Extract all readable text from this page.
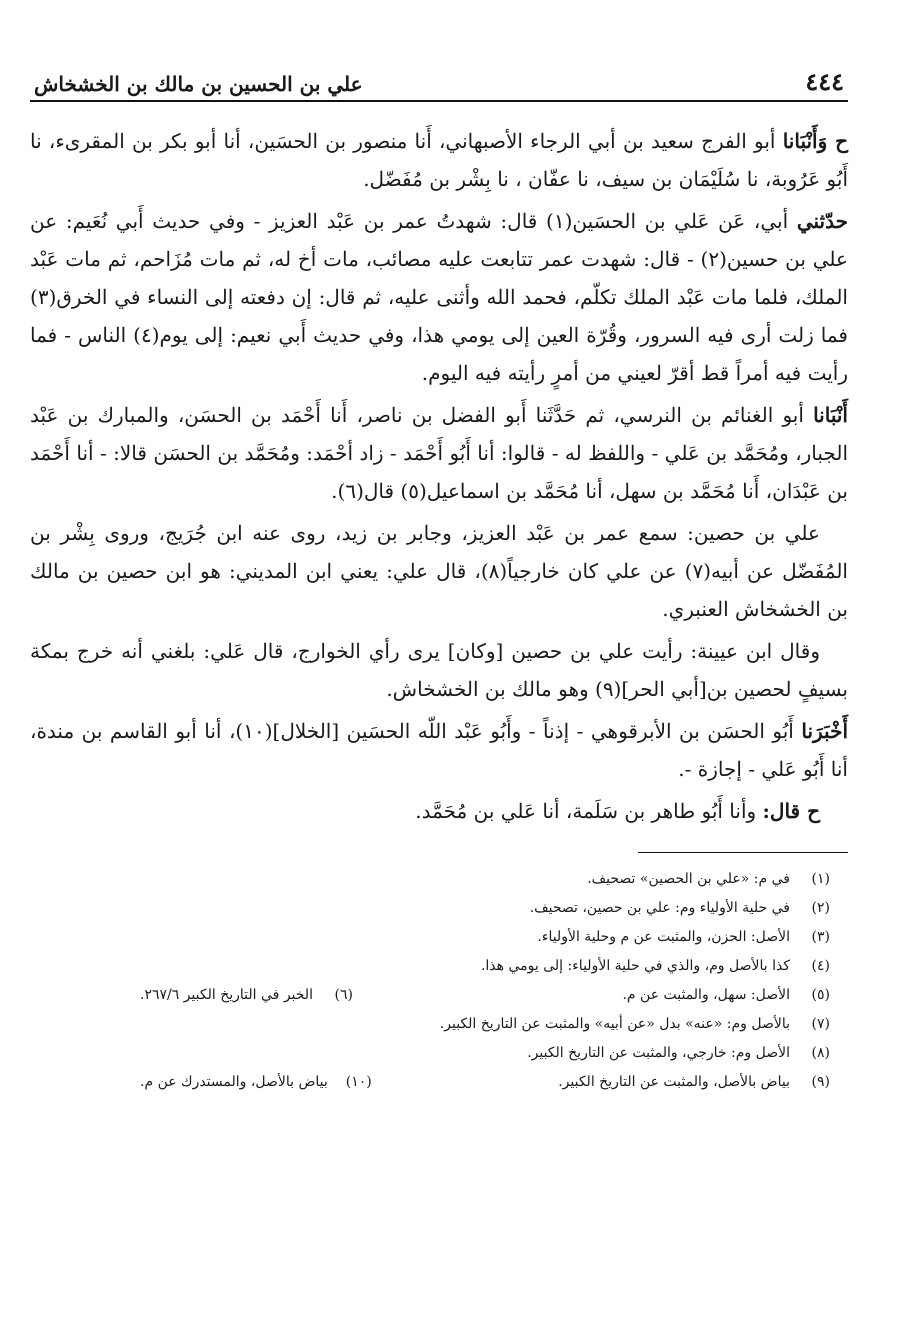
٤٤٤
علي بن الحسين بن مالك بن الخشخاش

ح وَأَنْبَانا أبو الفرج سعيد بن أبي الرجاء الأصبهاني، أَنا منصور بن الحسَين، أنا أبو بكر بن المقرىء، نا أَبُو عَرُوبة، نا سُلَيْمَان بن سيف، نا عفّان ، نا بِشْر بن مُفَضّل.

حدّثني أبي، عَن عَلي بن الحسَين(١) قال: شهدتُ عمر بن عَبْد العزيز - وفي حديث أَبي نُعَيم: عن علي بن حسين(٢) - قال: شهدت عمر تتابعت عليه مصائب، مات أخ له، ثم مات مُزَاحم، ثم مات عَبْد الملك، فلما مات عَبْد الملك تكلّم، فحمد الله وأثنى عليه، ثم قال: إن دفعته إلى النساء في الخرق(٣) فما زلت أرى فيه السرور، وقُرّة العين إلى يومي هذا، وفي حديث أَبي نعيم: إلى يوم(٤) الناس - فما رأيت فيه أمراً قط أقرّ لعيني من أمرٍ رأيته فيه اليوم.

أَنْبَانا أبو الغنائم بن النرسي، ثم حَدَّثَنا أَبو الفضل بن ناصر، أَنا أَحْمَد بن الحسَن، والمبارك بن عَبْد الجبار، ومُحَمَّد بن عَلي - واللفظ له - قالوا: أنا أَبُو أَحْمَد - زاد أحْمَد: ومُحَمَّد بن الحسَن قالا: - أنا أَحْمَد بن عَبْدَان، أَنا مُحَمَّد بن سهل، أنا مُحَمَّد بن اسماعيل(٥) قال(٦).

علي بن حصين: سمع عمر بن عَبْد العزيز، وجابر بن زيد، روى عنه ابن جُرَيج، وروى بِشْر بن المُفَضّل عن أبيه(٧) عن علي كان خارجياً(٨)، قال علي: يعني ابن المديني: هو ابن حصين بن مالك بن الخشخاش العنبري.

وقال ابن عيينة: رأيت علي بن حصين [وكان] يرى رأي الخوارج، قال عَلي: بلغني أنه خرج بمكة بسيفٍ لحصين بن[أبي الحر](٩) وهو مالك بن الخشخاش.

أَخْبَرَنا أَبُو الحسَن بن الأبرقوهي - إذناً - وأَبُو عَبْد اللّه الحسَين [الخلال](١٠)، أنا أبو القاسم بن مندة، أنا أَبُو عَلي - إجازة -.

ح قال: وأنا أَبُو طاهر بن سَلَمة، أنا عَلي بن مُحَمَّد.

(١)
في م: «علي بن الحصين» تصحيف.
(٢)
في حلية الأولياء وم: علي بن حصين، تصحيف.
(٣)
الأصل: الحزن، والمثبت عن م وحلية الأولياء.
(٤)
كذا بالأصل وم، والذي في حلية الأولياء: إلى يومي هذا.
(٥)
الأصل: سهل، والمثبت عن م.
(٦)
الخبر في التاريخ الكبير ٢٦٧/٦.
(٧)
بالأصل وم: «عنه» بدل «عن أبيه» والمثبت عن التاريخ الكبير.
(٨)
الأصل وم: خارجي، والمثبت عن التاريخ الكبير.
(٩)
بياض بالأصل، والمثبت عن التاريخ الكبير.
(١٠)
بياض بالأصل، والمستدرك عن م.
